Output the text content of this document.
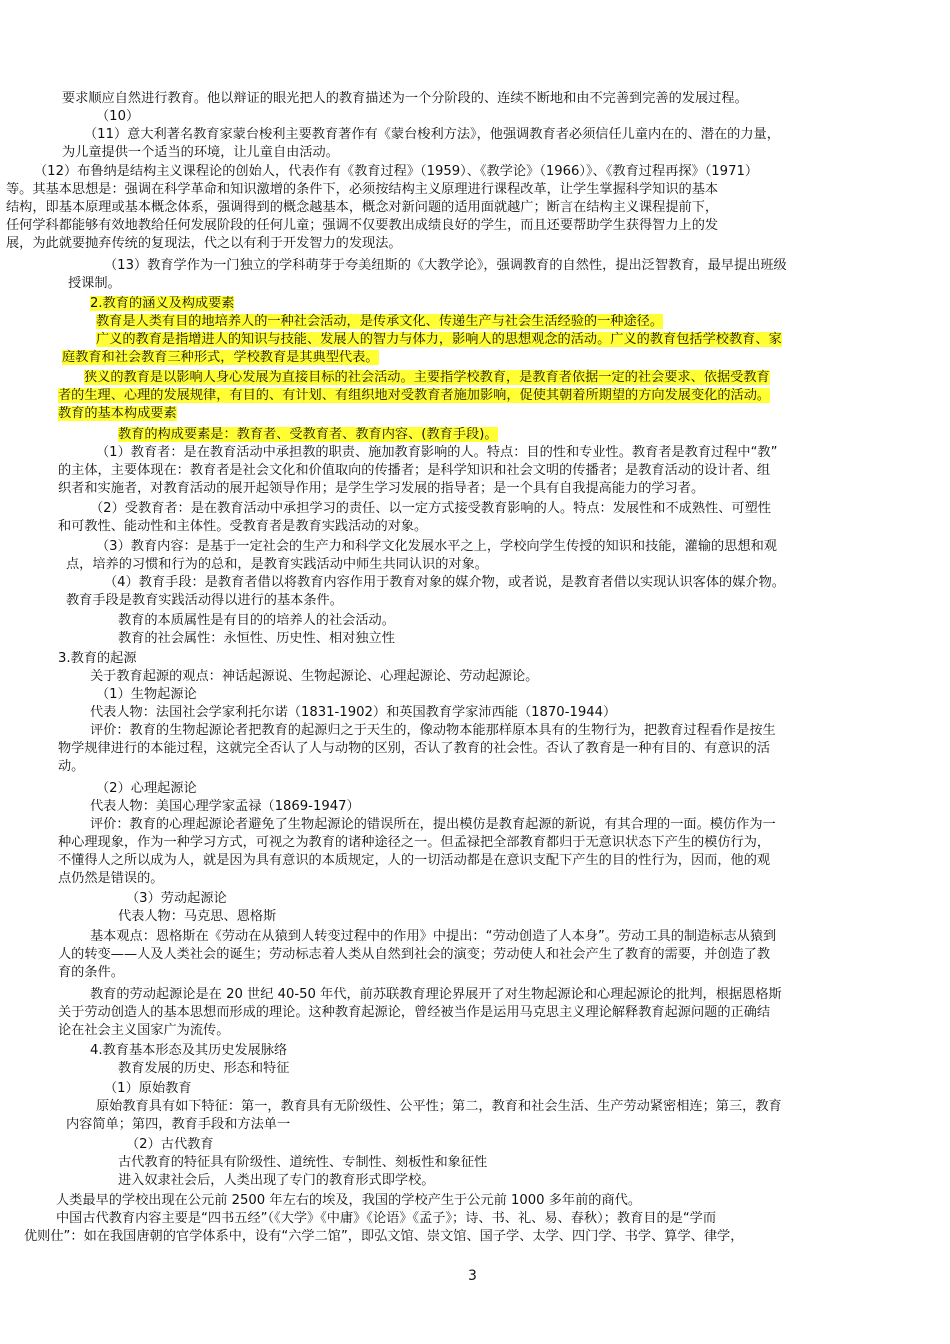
要求顺应自然进行教育。他以辩证的眼光把人的教育描述为一个分阶段的、连续不断地和由不完善到完善的发展过程。
（10）
（11）意大利著名教育家蒙台梭利主要教育著作有《蒙台梭利方法》，他强调教育者必须信任儿童内在的、潜在的力量，
为儿童提供一个适当的环境，让儿童自由活动。
（12）布鲁纳是结构主义课程论的创始人，代表作有《教育过程》（1959）、《教学论》（1966）》、《教育过程再探》（1971）
等。其基本思想是：强调在科学革命和知识激增的条件下，必须按结构主义原理进行课程改革，让学生掌握科学知识的基本
结构，即基本原理或基本概念体系，强调得到的概念越基本，概念对新问题的适用面就越广；断言在结构主义课程提前下，
任何学科都能够有效地教给任何发展阶段的任何儿童；强调不仅要教出成绩良好的学生，而且还要帮助学生获得智力上的发
展，为此就要抛弃传统的复现法，代之以有利于开发智力的发现法。
（13）教育学作为一门独立的学科萌芽于夸美纽斯的《大教学论》，强调教育的自然性，提出泛智教育，最早提出班级
授课制。
2.教育的涵义及构成要素
教育是人类有目的地培养人的一种社会活动，是传承文化、传递生产与社会生活经验的一种途径。
广义的教育是指增进人的知识与技能、发展人的智力与体力，影响人的思想观念的活动。广义的教育包括学校教育、家
庭教育和社会教育三种形式，学校教育是其典型代表。
狭义的教育是以影响人身心发展为直接目标的社会活动。主要指学校教育，是教育者依据一定的社会要求、依据受教育
者的生理、心理的发展规律，有目的、有计划、有组织地对受教育者施加影响，促使其朝着所期望的方向发展变化的活动。
教育的基本构成要素
教育的构成要素是：教育者、受教育者、教育内容、(教育手段)。
（1）教育者：是在教育活动中承担教的职责、施加教育影响的人。特点：目的性和专业性。教育者是教育过程中“教”
的主体，主要体现在：教育者是社会文化和价值取向的传播者；是科学知识和社会文明的传播者；是教育活动的设计者、组
织者和实施者，对教育活动的展开起领导作用；是学生学习发展的指导者；是一个具有自我提高能力的学习者。
（2）受教育者：是在教育活动中承担学习的责任、以一定方式接受教育影响的人。特点：发展性和不成熟性、可塑性
和可教性、能动性和主体性。受教育者是教育实践活动的对象。
（3）教育内容：是基于一定社会的生产力和科学文化发展水平之上，学校向学生传授的知识和技能，灌输的思想和观
点，培养的习惯和行为的总和，是教育实践活动中师生共同认识的对象。
（4）教育手段：是教育者借以将教育内容作用于教育对象的媒介物，或者说，是教育者借以实现认识客体的媒介物。
教育手段是教育实践活动得以进行的基本条件。
教育的本质属性是有目的的培养人的社会活动。
教育的社会属性：永恒性、历史性、相对独立性
3.教育的起源
关于教育起源的观点：神话起源说、生物起源论、心理起源论、劳动起源论。
（1）生物起源论
代表人物：法国社会学家利托尔诺（1831-1902）和英国教育学家沛西能（1870-1944）
评价：教育的生物起源论者把教育的起源归之于天生的，像动物本能那样原本具有的生物行为，把教育过程看作是按生
物学规律进行的本能过程，这就完全否认了人与动物的区别，否认了教育的社会性。否认了教育是一种有目的、有意识的活
动。
（2）心理起源论
代表人物：美国心理学家孟禄（1869-1947）
评价：教育的心理起源论者避免了生物起源论的错误所在，提出模仿是教育起源的新说，有其合理的一面。模仿作为一
种心理现象，作为一种学习方式，可视之为教育的诸种途径之一。但孟禄把全部教育都归于无意识状态下产生的模仿行为，
不懂得人之所以成为人，就是因为具有意识的本质规定，人的一切活动都是在意识支配下产生的目的性行为，因而，他的观
点仍然是错误的。
（3）劳动起源论
代表人物：马克思、恩格斯
基本观点：恩格斯在《劳动在从猿到人转变过程中的作用》中提出：“劳动创造了人本身”。劳动工具的制造标志从猿到
人的转变——人及人类社会的诞生；劳动标志着人类从自然到社会的演变；劳动使人和社会产生了教育的需要，并创造了教
育的条件。
教育的劳动起源论是在 20 世纪 40-50 年代，前苏联教育理论界展开了对生物起源论和心理起源论的批判，根据恩格斯
关于劳动创造人的基本思想而形成的理论。这种教育起源论，曾经被当作是运用马克思主义理论解释教育起源问题的正确结
论在社会主义国家广为流传。
4.教育基本形态及其历史发展脉络
教育发展的历史、形态和特征
（1）原始教育
原始教育具有如下特征：第一，教育具有无阶级性、公平性；第二，教育和社会生活、生产劳动紧密相连；第三，教育
内容简单；第四，教育手段和方法单一
（2）古代教育
古代教育的特征具有阶级性、道统性、专制性、刻板性和象征性
进入奴隶社会后，人类出现了专门的教育形式即学校。
人类最早的学校出现在公元前 2500 年左右的埃及，我国的学校产生于公元前 1000 多年前的商代。
中国古代教育内容主要是“四书五经”（《大学》《中庸》《论语》《孟子》；诗、书、礼、易、春秋）；教育目的是“学而
优则仕”：如在我国唐朝的官学体系中，设有“六学二馆”，即弘文馆、崇文馆、国子学、太学、四门学、书学、算学、律学，
3
